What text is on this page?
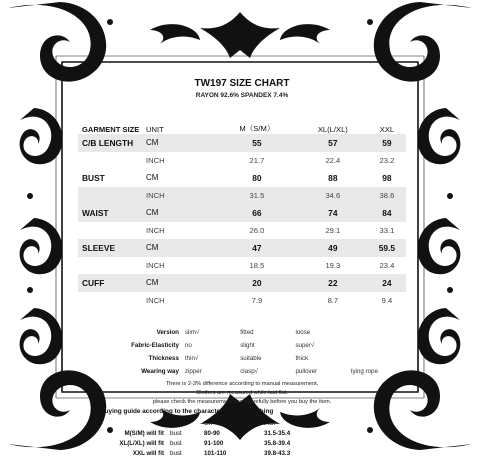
TW197 SIZE CHART
RAYON 92.6% SPANDEX 7.4%
GARMENT SIZE	UNIT	M（S/M）	XL(L/XL)	XXL
C/B LENGTH	CM	55	57	59
	INCH	21.7	22.4	23.2
BUST	CM	80	88	98
	INCH	31.5	34.6	38.6
WAIST	CM	66	74	84
	INCH	26.0	29.1	33.1
SLEEVE	CM	47	49	59.5
	INCH	18.5	19.3	23.4
CUFF	CM	20	22	24
	INCH	7.9	8.7	9.4
Version	slim√	fitted	loose	
Fabric-Elasticity	no	slight	super√	
Thickness	thin√	suitable	thick	
Wearing way	zipper	clasp√	pullover	tying rope
There is 2-3% difference according to manual measurement.
Clothes are measured while laid flat.
please check the measurement chart carefully before you buy the item.
Buying guide according to the characteristics of clothing
		cm	inch
M(S/M) will fit	bust	80-90	31.5-35.4
XL(L/XL) will fit	bust	91-100	35.8-39.4
XXL will fit	bust	101-110	39.8-43.3
